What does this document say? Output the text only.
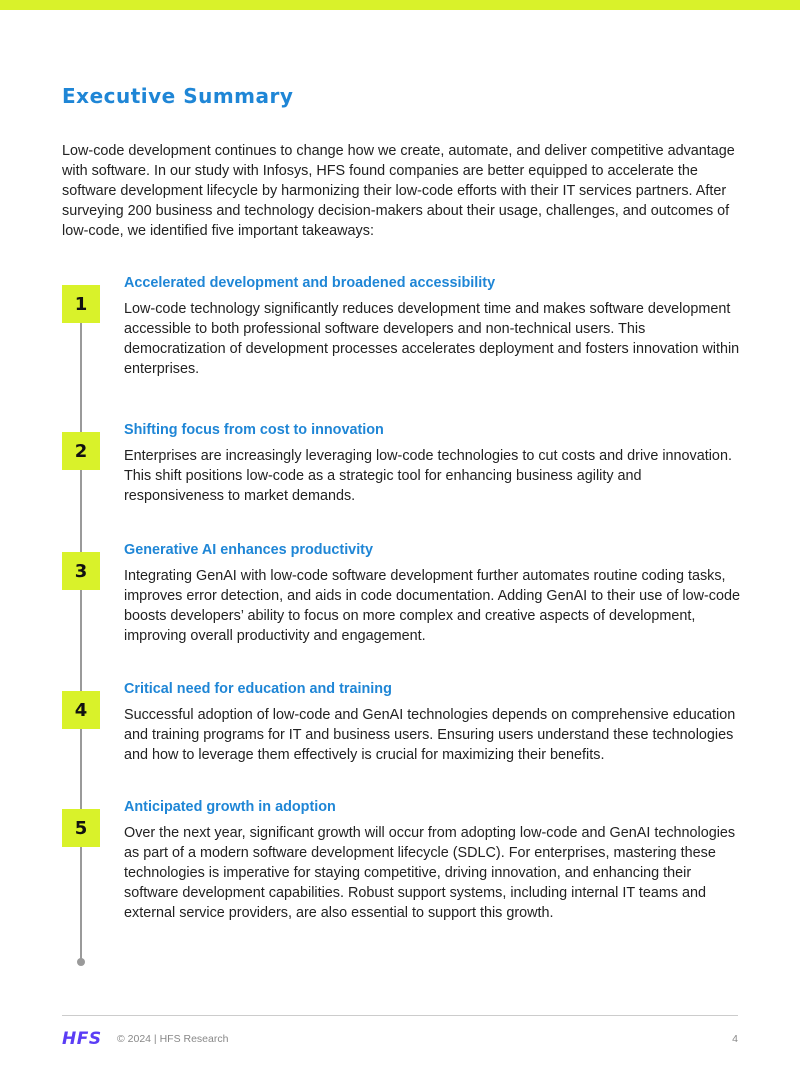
Executive Summary

Low-code development continues to change how we create, automate, and deliver competitive advantage with software. In our study with Infosys, HFS found companies are better equipped to accelerate the software development lifecycle by harmonizing their low-code efforts with their IT services partners. After surveying 200 business and technology decision-makers about their usage, challenges, and outcomes of low-code, we identified five important takeaways:

1
Accelerated development and broadened accessibility

Low-code technology significantly reduces development time and makes software development accessible to both professional software developers and non-technical users. This democratization of development processes accelerates deployment and fosters innovation within enterprises.

2
Shifting focus from cost to innovation

Enterprises are increasingly leveraging low-code technologies to cut costs and drive innovation. This shift positions low-code as a strategic tool for enhancing business agility and responsiveness to market demands.

3
Generative AI enhances productivity

Integrating GenAI with low-code software development further automates routine coding tasks, improves error detection, and aids in code documentation. Adding GenAI to their use of low-code boosts developers’ ability to focus on more complex and creative aspects of development, improving overall productivity and engagement.

4
Critical need for education and training

Successful adoption of low-code and GenAI technologies depends on comprehensive education and training programs for IT and business users. Ensuring users understand these technologies and how to leverage them effectively is crucial for maximizing their benefits.

5
Anticipated growth in adoption

Over the next year, significant growth will occur from adopting low-code and GenAI technologies as part of a modern software development lifecycle (SDLC). For enterprises, mastering these technologies is imperative for staying competitive, driving innovation, and enhancing their software development capabilities. Robust support systems, including internal IT teams and external service providers, are also essential to support this growth.

HFS © 2024 | HFS Research	4
